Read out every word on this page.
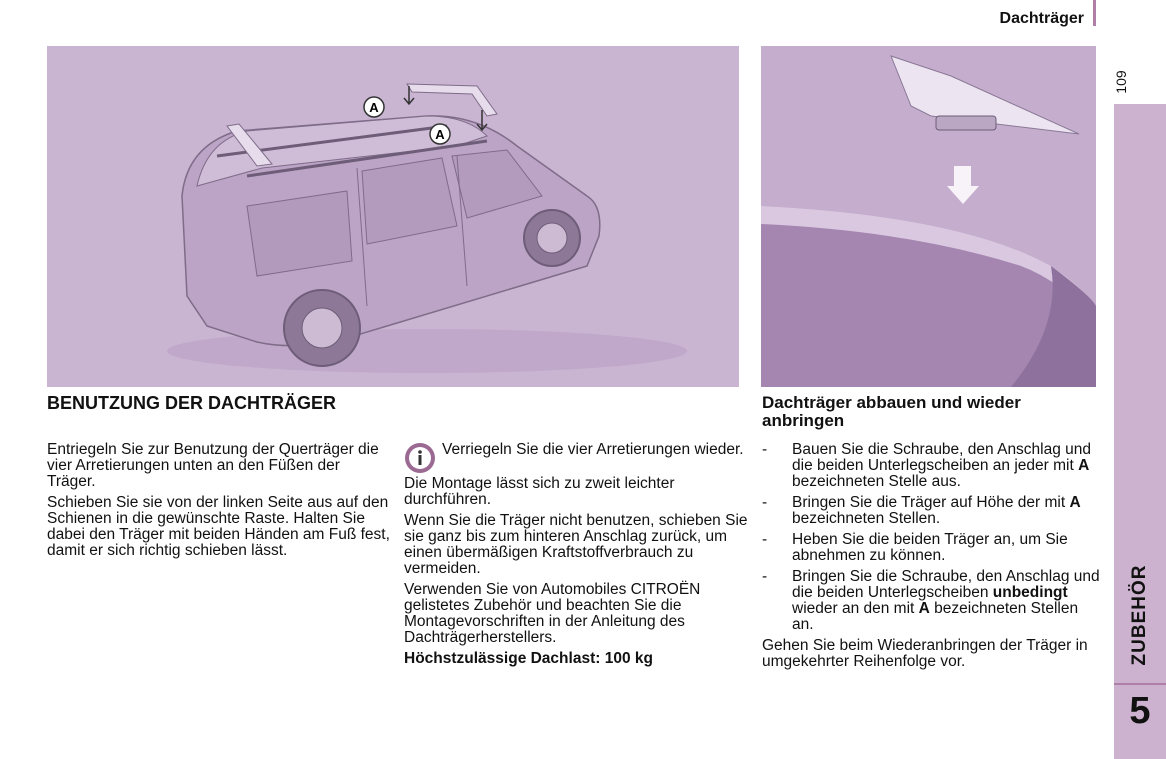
Dachträger
109
ZUBEHÖR
5
A
A
BENUTZUNG DER DACHTRÄGER

Entriegeln Sie zur Benutzung der Querträger die vier Arretierungen unten an den Füßen der Träger.

Schieben Sie sie von der linken Seite aus auf den Schienen in die gewünschte Raste. Halten Sie dabei den Träger mit beiden Händen am Fuß fest, damit er sich richtig schieben lässt.

Verriegeln Sie die vier Arretierungen wieder.

Die Montage lässt sich zu zweit leichter durchführen.

Wenn Sie die Träger nicht benutzen, schieben Sie sie ganz bis zum hinteren Anschlag zurück, um einen übermäßigen Kraftstoffverbrauch zu vermeiden.

Verwenden Sie von Automobiles CITROËN gelistetes Zubehör und beachten Sie die Montagevorschriften in der Anleitung des Dachträgerherstellers.

Höchstzulässige Dachlast: 100 kg

Dachträger abbauen und wieder anbringen
-	Bauen Sie die Schraube, den Anschlag und die beiden Unterlegscheiben an jeder mit A bezeichneten Stelle aus.
-	Bringen Sie die Träger auf Höhe der mit A bezeichneten Stellen.
-	Heben Sie die beiden Träger an, um Sie abnehmen zu können.
-	Bringen Sie die Schraube, den Anschlag und die beiden Unterlegscheiben unbedingt wieder an den mit A bezeichneten Stellen an.

Gehen Sie beim Wiederanbringen der Träger in umgekehrter Reihenfolge vor.
